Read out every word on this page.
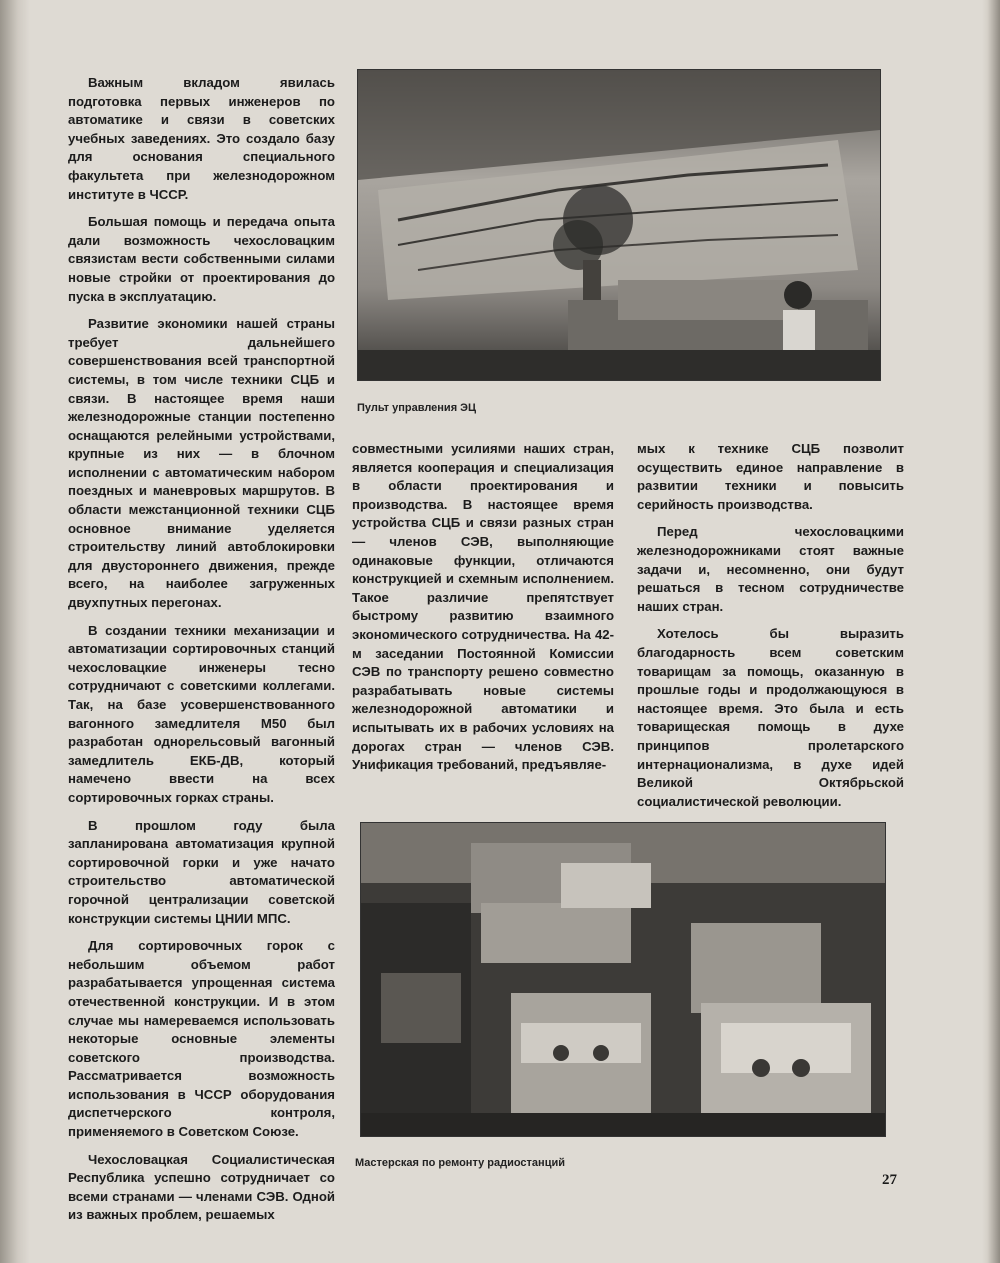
Важным вкладом явилась подготовка первых инженеров по автоматике и связи в советских учебных заведениях. Это создало базу для основания специального факультета при железнодорожном институте в ЧССР.

Большая помощь и передача опыта дали возможность чехословацким связистам вести собственными силами новые стройки от проектирования до пуска в эксплуатацию.

Развитие экономики нашей страны требует дальнейшего совершенствования всей транспортной системы, в том числе техники СЦБ и связи. В настоящее время наши железнодорожные станции постепенно оснащаются релейными устройствами, крупные из них — в блочном исполнении с автоматическим набором поездных и маневровых маршрутов. В области межстанционной техники СЦБ основное внимание уделяется строительству линий автоблокировки для двустороннего движения, прежде всего, на наиболее загруженных двухпутных перегонах.

В создании техники механизации и автоматизации сортировочных станций чехословацкие инженеры тесно сотрудничают с советскими коллегами. Так, на базе усовершенствованного вагонного замедлителя М50 был разработан однорельсовый вагонный замедлитель ЕКБ-ДВ, который намечено ввести на всех сортировочных горках страны.

В прошлом году была запланирована автоматизация крупной сортировочной горки и уже начато строительство автоматической горочной централизации советской конструкции системы ЦНИИ МПС.

Для сортировочных горок с небольшим объемом работ разрабатывается упрощенная система отечественной конструкции. И в этом случае мы намереваемся использовать некоторые основные элементы советского производства. Рассматривается возможность использования в ЧССР оборудования диспетчерского контроля, применяемого в Советском Союзе.

Чехословацкая Социалистическая Республика успешно сотрудничает со всеми странами — членами СЭВ. Одной из важных проблем, решаемых

Пульт управления ЭЦ

совместными усилиями наших стран, является кооперация и специализация в области проектирования и производства. В настоящее время устройства СЦБ и связи разных стран — членов СЭВ, выполняющие одинаковые функции, отличаются конструкцией и схемным исполнением. Такое различие препятствует быстрому развитию взаимного экономического сотрудничества. На 42-м заседании Постоянной Комиссии СЭВ по транспорту решено совместно разрабатывать новые системы железнодорожной автоматики и испытывать их в рабочих условиях на дорогах стран — членов СЭВ. Унификация требований, предъявляе-

мых к технике СЦБ позволит осуществить единое направление в развитии техники и повысить серийность производства.

Перед чехословацкими железнодорожниками стоят важные задачи и, несомненно, они будут решаться в тесном сотрудничестве наших стран.

Хотелось бы выразить благодарность всем советским товарищам за помощь, оказанную в прошлые годы и продолжающуюся в настоящее время. Это была и есть товарищеская помощь в духе принципов пролетарского интернационализма, в духе идей Великой Октябрьской социалистической революции.

Мастерская по ремонту радиостанций
27
